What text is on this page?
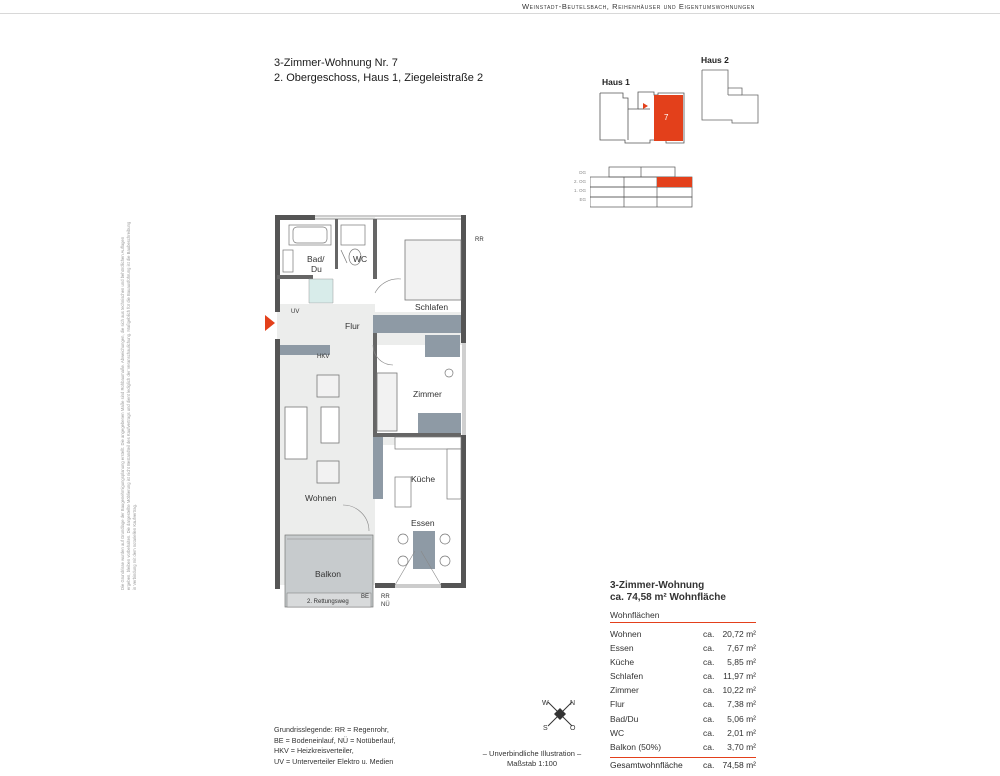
Weinstadt-Beutelsbach, Reihenhäuser und Eigentumswohnungen
3-Zimmer-Wohnung Nr. 7
2. Obergeschoss, Haus 1, Ziegeleistraße 2	Haus 1
Haus 2
7
DG
2. OG
1. OG
EG
Bad/
Du
WC
Schlafen
Flur
Zimmer
Küche
Wohnen
Essen
Balkon
RR
UV
HKV
BE RR
NÜ
2. Rettungsweg
Die Grundrisse wurden auf Grundlage der Baugenehmigungsplanung erstellt. Die angegebenen Maße sind Rohbaumaße. Abweichungen, die sich aus technischen und behördlichen Auflagen ergeben, bleiben vorbehalten. Die dargestellte Möblierung ist nicht Bestandteil des Kaufvertrags und dient lediglich der Veranschaulichung. Maßgeblich für die Bauausführung ist die Baubeschreibung in Verbindung mit dem notariellen Kaufvertrag.
Grundrisslegende: RR = Regenrohr,
BE = Bodeneinlauf, NÜ = Notüberlauf,
HKV = Heizkreisverteiler,
UV = Unterverteiler Elektro u. Medien
N
O
S
W
– Unverbindliche Illustration –
Maßstab 1:100
3-Zimmer-Wohnung
ca. 74,58 m² Wohnfläche
Wohnflächen
Wohnen	ca. 20,72 m²
Essen	ca. 7,67 m²
Küche	ca. 5,85 m²
Schlafen	ca. 11,97 m²
Zimmer	ca. 10,22 m²
Flur	ca. 7,38 m²
Bad/Du	ca. 5,06 m²
WC	ca. 2,01 m²
Balkon (50%)	ca. 3,70 m²
Gesamtwohnfläche ca. 74,58 m²
